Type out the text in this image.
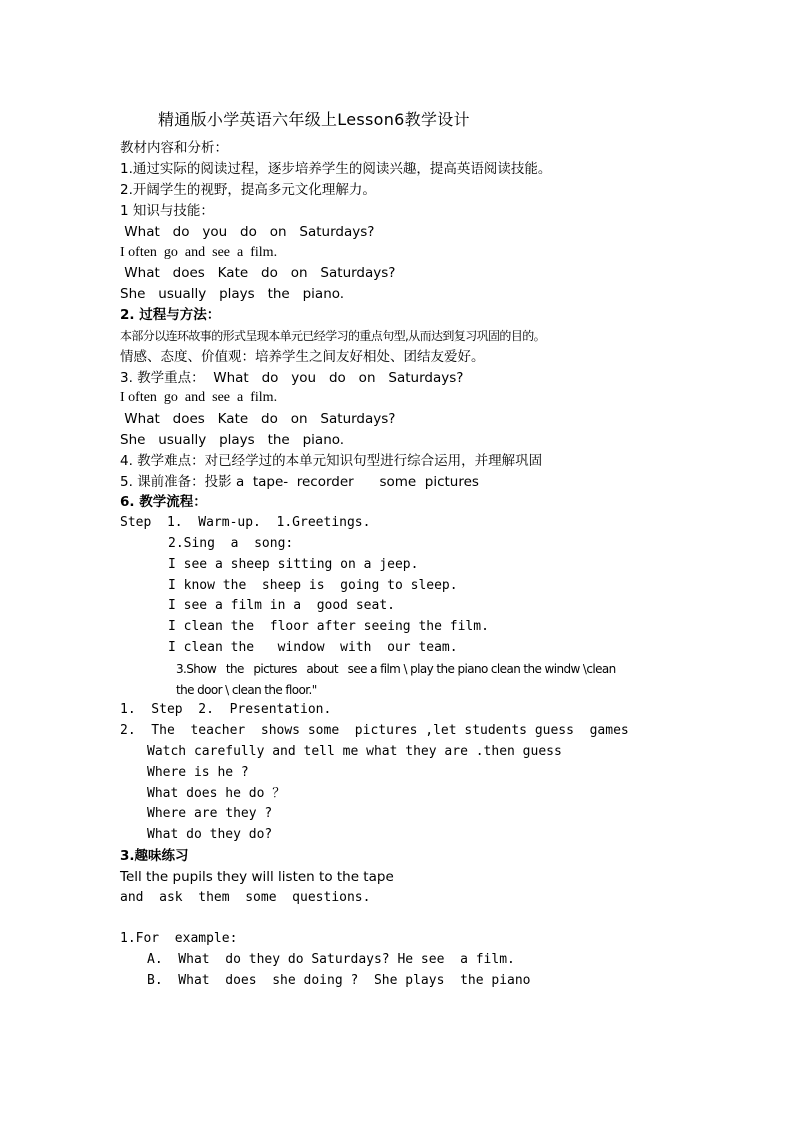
精通版小学英语六年级上Lesson6教学设计
教材内容和分析：
1.通过实际的阅读过程，逐步培养学生的阅读兴趣，提高英语阅读技能。
2.开阔学生的视野，提高多元文化理解力。
1 知识与技能：
What   do   you   do   on   Saturdays?
I often  go  and  see  a  film.
What   does   Kate   do   on   Saturdays?
She   usually   plays   the   piano.
2. 过程与方法：
本部分以连环故事的形式呈现本单元已经学习的重点句型,从而达到复习巩固的目的。
情感、态度、价值观：培养学生之间友好相处、团结友爱好。
3. 教学重点：  What   do   you   do   on   Saturdays?
I often  go  and  see  a  film.
What   does   Kate   do   on   Saturdays?
She   usually   plays   the   piano.
4. 教学难点：对已经学过的本单元知识句型进行综合运用，并理解巩固
5. 课前准备：投影 a  tape-  recorder      some  pictures
6. 教学流程：
Step  1.  Warm-up.  1.Greetings.
2.Sing  a  song:
I see a sheep sitting on a jeep.
I know the  sheep is  going to sleep.
I see a film in a  good seat.
I clean the  floor after seeing the film.
I clean the   window  with  our team.
3.Show   the   pictures   about   see a film \ play the piano clean the windw \clean
the door \ clean the floor."
1.  Step  2.  Presentation.
2.  The  teacher  shows some  pictures ,let students guess  games
Watch carefully and tell me what they are .then guess
Where is he ?
What does he do ？
Where are they ?
What do they do?
3.趣味练习
Tell the pupils they will listen to the tape
and  ask  them  some  questions.
1.For  example:
A.  What  do they do Saturdays? He see  a film.
B.  What  does  she doing ?  She plays  the piano
